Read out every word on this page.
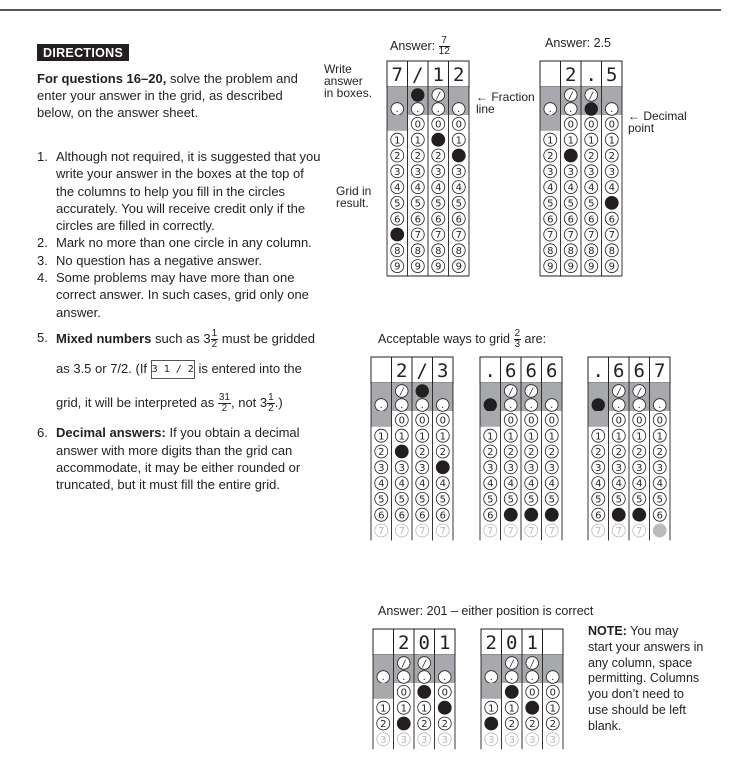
DIRECTIONS
For questions 16–20, solve the problem and enter your answer in the grid, as described below, on the answer sheet.
1. Although not required, it is suggested that you write your answer in the boxes at the top of the columns to help you fill in the circles accurately. You will receive credit only if the circles are filled in correctly.
2. Mark no more than one circle in any column.
3. No question has a negative answer.
4. Some problems may have more than one correct answer. In such cases, grid only one answer.
5. Mixed numbers such as $3 \frac{1}{2}$ must be gridded
as 3.5 or 7/2. (If 3 1 / 2 is entered into the
grid, it will be interpreted as $\frac{31}{2}$ , not $3 \frac{1}{2}$ .)
6. Decimal answers: If you obtain a decimal answer with more digits than the grid can accommodate, it may be either rounded or truncated, but it must fill the entire grid.
Answer: $\frac{7}{12}$	Answer: 2.5
Write answer in boxes.	← Fraction line	← Decimal point
Grid in result.
7 / 1 2
/
. . . .
0 0 0
1 1	1
2 2 2
3 3 3 3
4 4 4 4
5 5 5 5
6 6 6 6
7 7 7
8 8 8 8
9 9 9 9
2 . 5
/ /
. .	.
0 0 0
1 1 1 1
2	2 2
3 3 3 3
4 4 4 4
5 5 5
6 6 6 6
7 7 7 7
8 8 8 8
9 9 9 9
Acceptable ways to grid $\frac{2}{3}$ are:
2 / 3
/
. . . .
0 0 0
1 1 1 1
2	2 2
3 3 3
4 4 4 4
5 5 5 5
6 6 6 6
7 7 7 7
. 6 6 6
/ /
. . .
0 0 0
1 1 1 1
2 2 2 2
3 3 3 3
4 4 4 4
5 5 5 5
6
7 7 7 7
. 6 6 7
/ /
. . .
0 0 0
1 1 1 1
2 2 2 2
3 3 3 3
4 4 4 4
5 5 5 5
6	6
7 7 7
Answer: 201 – either position is correct
2 0 1
/ /
. . . .
0	0
1 1 1
2	2 2
3 3 3 3
2 0 1
/ /
. . . .
0 0
1 1	1
2 2 2
3 3 3 3
NOTE: You may start your answers in any column, space permitting. Columns you don’t need to use should be left blank.
